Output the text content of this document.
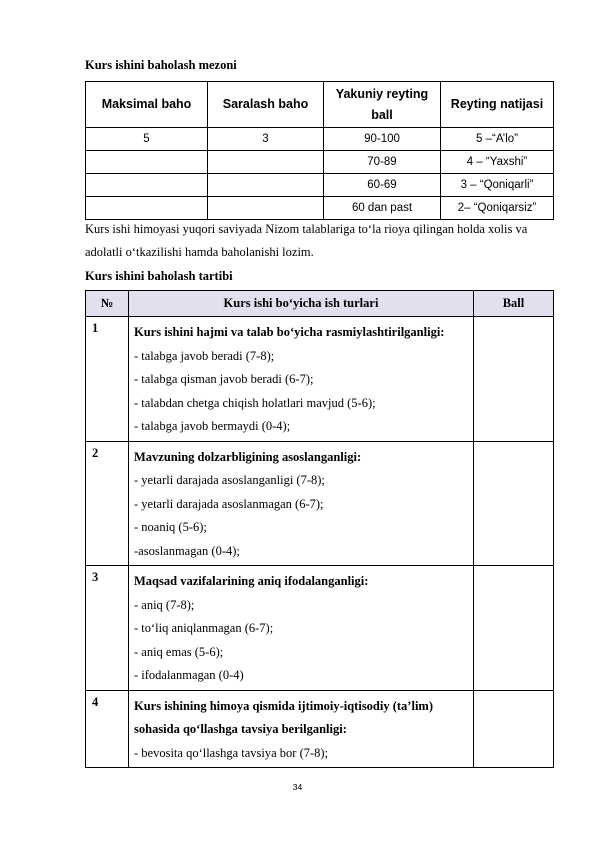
Kurs ishini baholash mezoni
Maksimal baho	Saralash baho	Yakuniy reyting ball	Reyting natijasi
5	3	90-100	5 –“A’lo”
		70-89	4 – “Yaxshi”
		60-69	3 – “Qoniqarli”
		60 dan past	2– “Qoniqarsiz”
Kurs ishi himoyasi yuqori saviyada Nizom talablariga to‘la rioya qilingan holda xolis va adolatli o‘tkazilishi hamda baholanishi lozim.
Kurs ishini baholash tartibi
№	Kurs ishi bo‘yicha ish turlari	Ball
1	Kurs ishini hajmi va talab bo‘yicha rasmiylashtirilganligi:
- talabga javob beradi (7-8);
- talabga qisman javob beradi (6-7);
- talabdan chetga chiqish holatlari mavjud (5-6);
- talabga javob bermaydi (0-4);	

2	Mavzuning dolzarbligining asoslanganligi:
- yetarli darajada asoslanganligi (7-8);
- yetarli darajada asoslanmagan (6-7);
- noaniq (5-6);
-asoslanmagan (0-4);	

3	Maqsad vazifalarining aniq ifodalanganligi:
- aniq (7-8);
- to‘liq aniqlanmagan (6-7);
- aniq emas (5-6);
- ifodalanmagan (0-4)	

4	Kurs ishining himoya qismida ijtimoiy-iqtisodiy (ta’lim) sohasida qo‘llashga tavsiya berilganligi:
- bevosita qo‘llashga tavsiya bor (7-8);	

34
